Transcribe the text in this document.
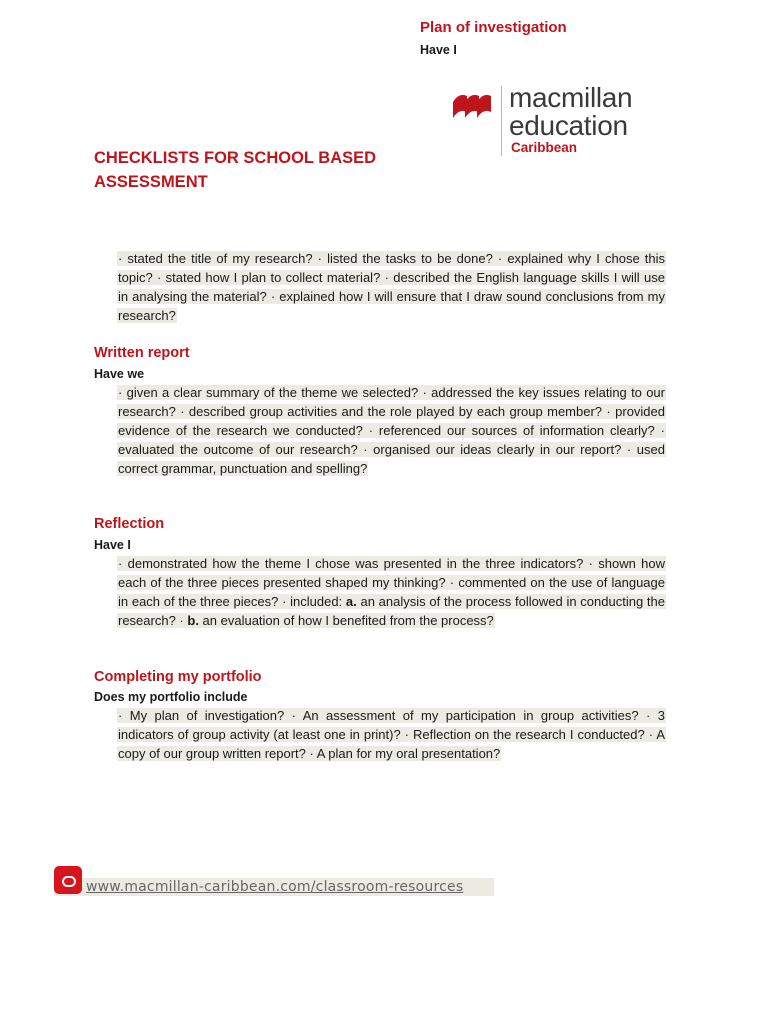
Plan of investigation
Have I
macmillan
education
Caribbean
CHECKLISTS FOR SCHOOL BASED ASSESSMENT
· stated the title of my research? · listed the tasks to be done? · explained why I chose this topic? · stated how I plan to collect material? · described the English language skills I will use in analysing the material? · explained how I will ensure that I draw sound conclusions from my research?
Written report
Have we
· given a clear summary of the theme we selected? · addressed the key issues relating to our research? · described group activities and the role played by each group member? · provided evidence of the research we conducted? · referenced our sources of information clearly? · evaluated the outcome of our research? · organised our ideas clearly in our report? · used correct grammar, punctuation and spelling?
Reflection
Have I
· demonstrated how the theme I chose was presented in the three indicators? · shown how each of the three pieces presented shaped my thinking? · commented on the use of language in each of the three pieces? · included: a. an analysis of the process followed in conducting the research? · b. an evaluation of how I benefited from the process?
Completing my portfolio
Does my portfolio include
· My plan of investigation? · An assessment of my participation in group activities? · 3 indicators of group activity (at least one in print)? · Reflection on the research I conducted? · A copy of our group written report? · A plan for my oral presentation?
www.macmillan-caribbean.com/classroom-resources
